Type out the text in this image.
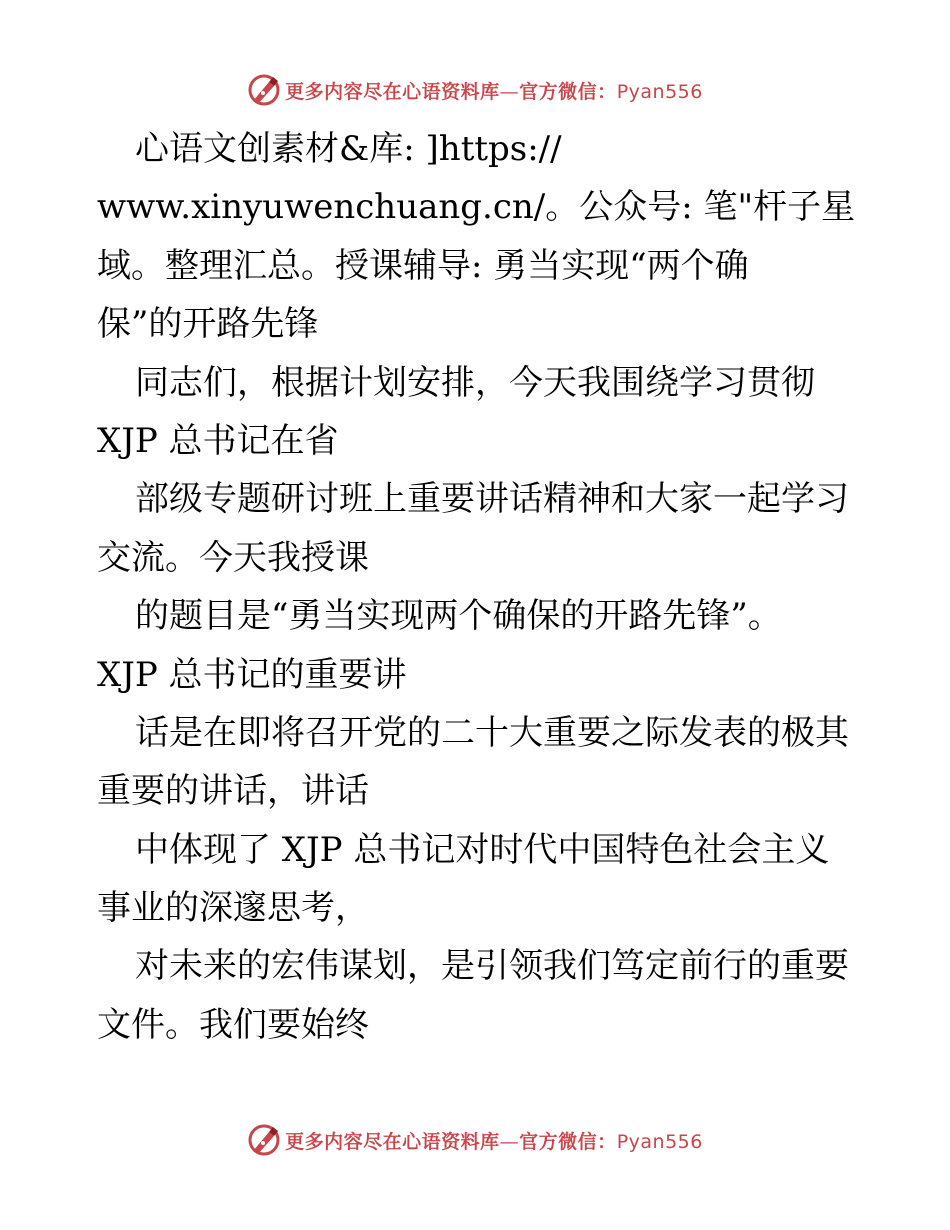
更多内容尽在心语资料库—官方微信：Pyan556
心语文创素材&库: ]https://
www.xinyuwenchuang.cn/。公众号: 笔"杆子星
域。整理汇总。授课辅导: 勇当实现“两个确
保”的开路先锋
同志们，根据计划安排，今天我围绕学习贯彻
XJP 总书记在省
部级专题研讨班上重要讲话精神和大家一起学习
交流。今天我授课
的题目是“勇当实现两个确保的开路先锋”。
XJP 总书记的重要讲
话是在即将召开党的二十大重要之际发表的极其
重要的讲话，讲话
中体现了 XJP 总书记对时代中国特色社会主义
事业的深邃思考，
对未来的宏伟谋划，是引领我们笃定前行的重要
文件。我们要始终
更多内容尽在心语资料库—官方微信：Pyan556
